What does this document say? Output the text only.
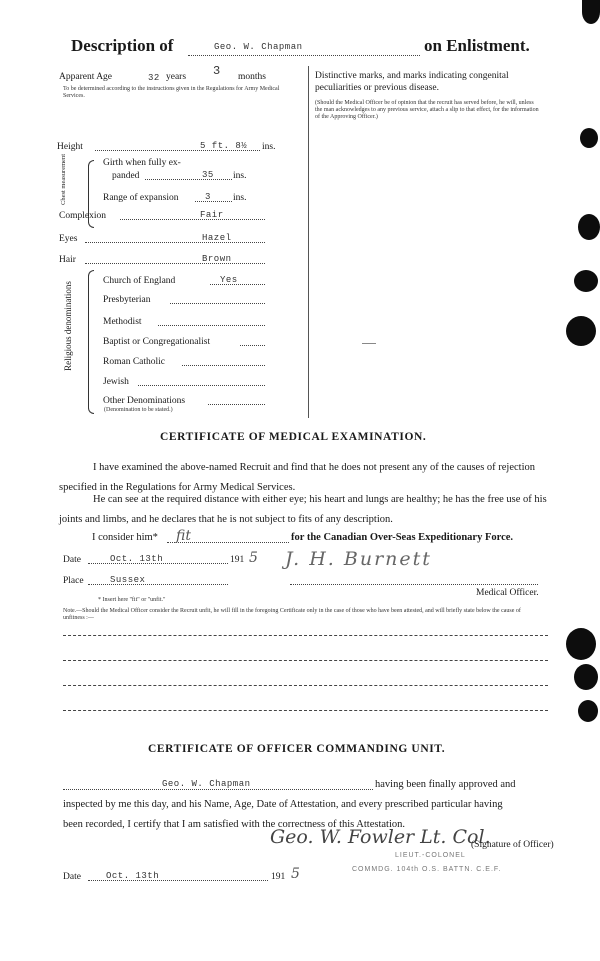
Description of	Geo. W. Chapman	on Enlistment.
Apparent Age	32 years 3 months
To be determined according to the instructions given in the Regulations for Army Medical Services.
Height	5 ft. 8½ ins.
Chest measurement	Girth when fully ex-
panded	35 ins.
Range of expansion	3 ins.
Complexion	Fair
Eyes	Hazel
Hair	Brown
Religious denominations
Church of England	Yes
Presbyterian
Methodist
Baptist or Congregationalist
Roman Catholic
Jewish
Other Denominations
(Denomination to be stated.)
Distinctive marks, and marks indicating congenital peculiarities or previous disease.
(Should the Medical Officer be of opinion that the recruit has served before, he will, unless the man acknowledges to any previous service, attach a slip to that effect, for the information of the Approving Officer.)
CERTIFICATE OF MEDICAL EXAMINATION.
I have examined the above-named Recruit and find that he does not present any of the causes of rejection specified in the Regulations for Army Medical Services.
He can see at the required distance with either eye; his heart and lungs are healthy; he has the free use of his joints and limbs, and he declares that he is not subject to fits of any description.
I consider him* fit	for the Canadian Over-Seas Expeditionary Force.
Date	Oct. 13th	191 5 J. H. Burnett
Place	Sussex
Medical Officer.
* Insert here "fit" or "unfit."
Note.—Should the Medical Officer consider the Recruit unfit, he will fill in the foregoing Certificate only in the case of those who have been attested, and will briefly state below the cause of unfitness :—
CERTIFICATE OF OFFICER COMMANDING UNIT.
Geo. W. Chapman	having been finally approved and
inspected by me this day, and his Name, Age, Date of Attestation, and every prescribed particular having
been recorded, I certify that I am satisfied with the correctness of this Attestation.
Geo. W. Fowler Lt. Col.
(Signature of Officer)
LIEUT.-COLONEL
COMMDG. 104th O.S. BATTN. C.E.F.
Date	Oct. 13th	191 5
